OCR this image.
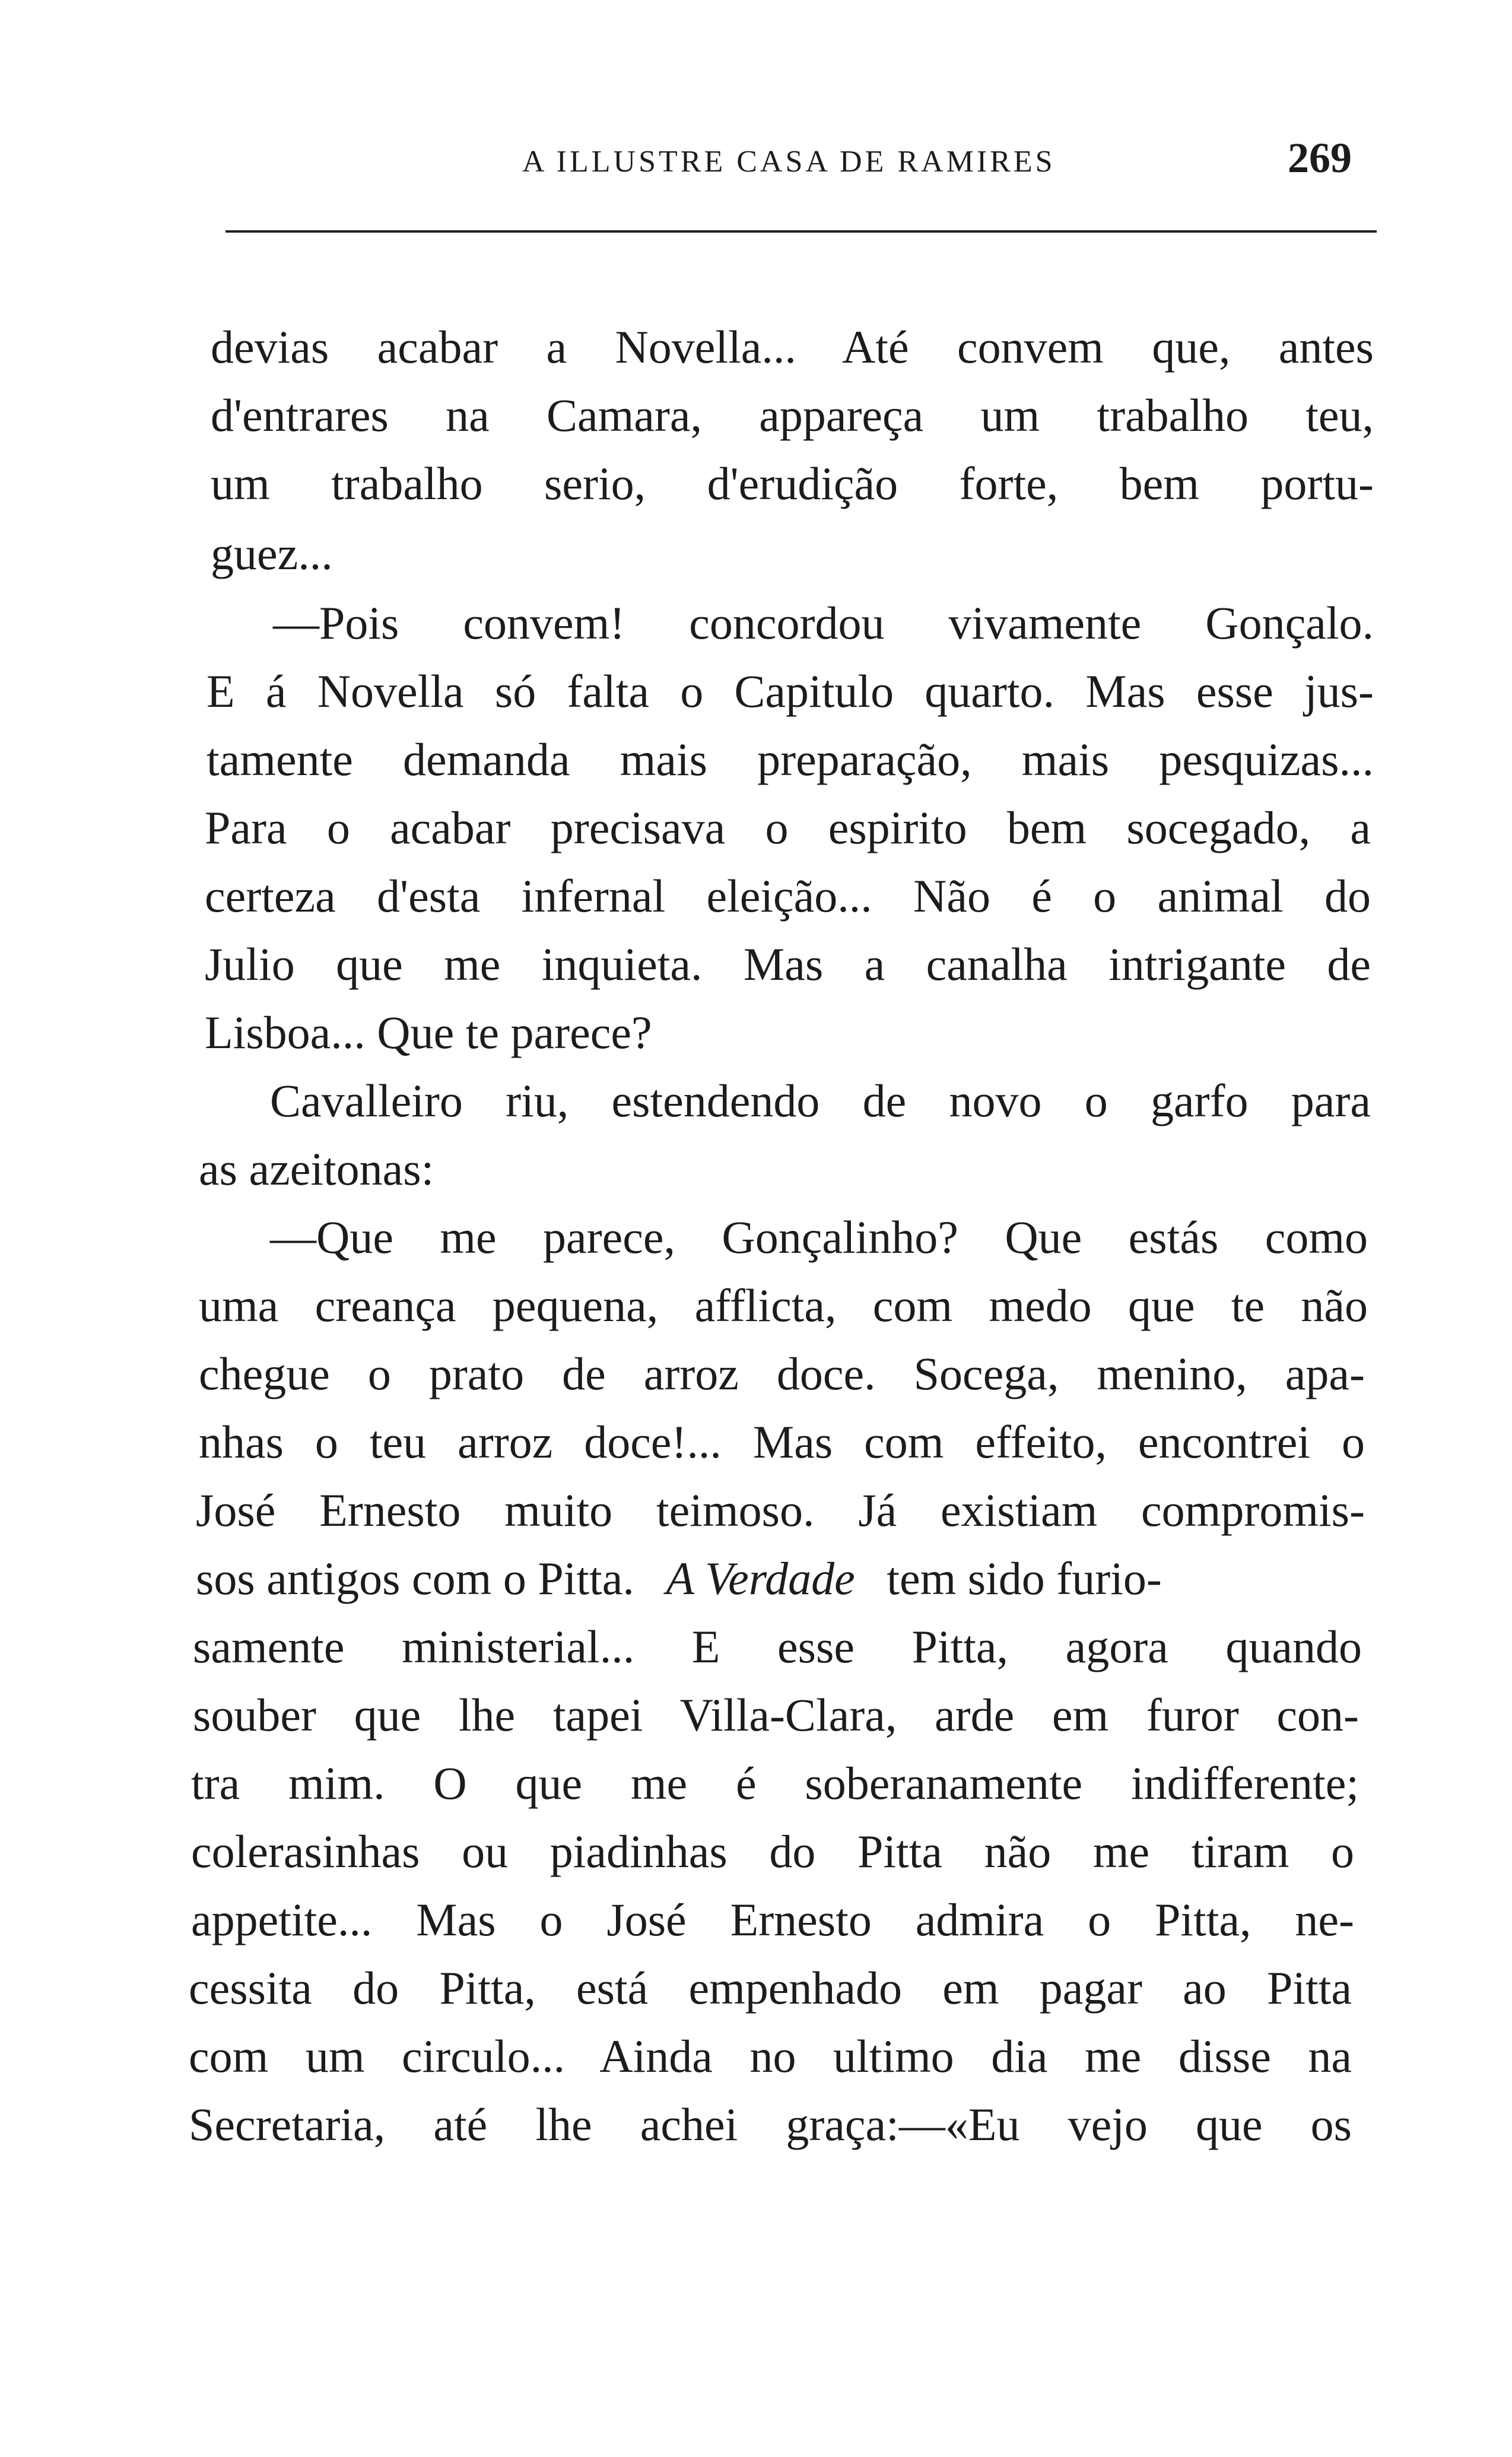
A ILLUSTRE CASA DE RAMIRES	269
devias acabar a Novella... Até convem que, antes
d'entrares na Camara, appareça um trabalho teu,
um trabalho serio, d'erudição forte, bem portu-
guez...
—Pois convem! concordou vivamente Gonçalo.
E á Novella só falta o Capitulo quarto. Mas esse jus-
tamente demanda mais preparação, mais pesquizas...
Para o acabar precisava o espirito bem socegado, a
certeza d'esta infernal eleição... Não é o animal do
Julio que me inquieta. Mas a canalha intrigante de
Lisboa... Que te parece?
Cavalleiro riu, estendendo de novo o garfo para
as azeitonas:
—Que me parece, Gonçalinho? Que estás como
uma creança pequena, afflicta, com medo que te não
chegue o prato de arroz doce. Socega, menino, apa-
nhas o teu arroz doce!... Mas com effeito, encontrei o
José Ernesto muito teimoso. Já existiam compromis-
sos antigos com o Pitta. A Verdade tem sido furio-
samente ministerial... E esse Pitta, agora quando
souber que lhe tapei Villa-Clara, arde em furor con-
tra mim. O que me é soberanamente indifferente;
colerasinhas ou piadinhas do Pitta não me tiram o
appetite... Mas o José Ernesto admira o Pitta, ne-
cessita do Pitta, está empenhado em pagar ao Pitta
com um circulo... Ainda no ultimo dia me disse na
Secretaria, até lhe achei graça:—«Eu vejo que os
